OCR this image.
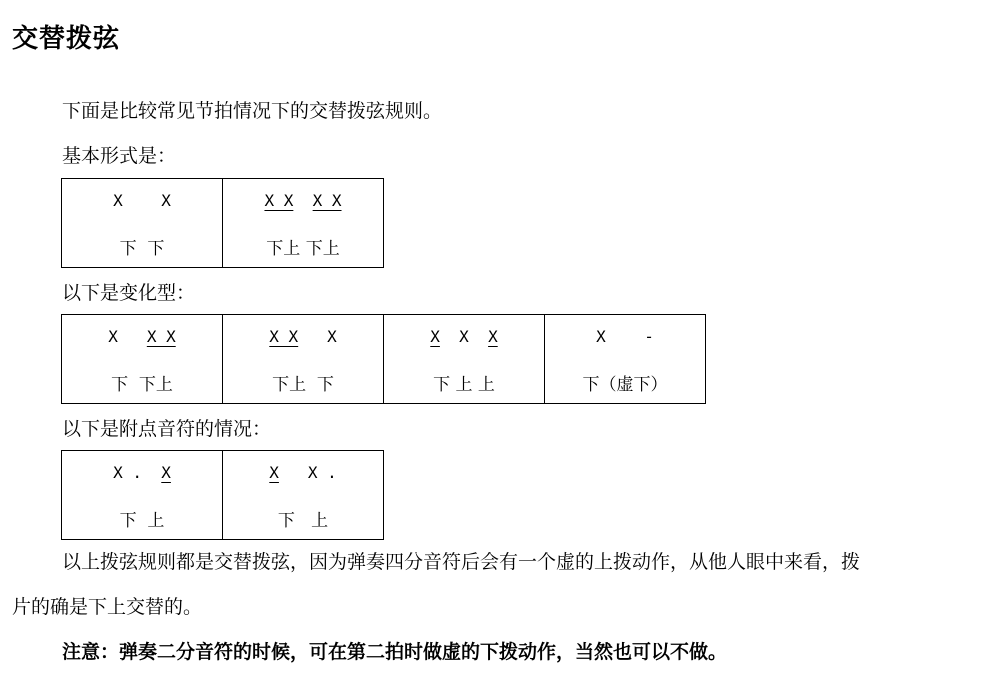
交替拨弦
下面是比较常见节拍情况下的交替拨弦规则。
基本形式是：
X    X
下  下

X X X X
下上 下上
以下是变化型：
X   X X
下  下上

X X   X
下上  下

X  X  X
下 上 上

X    -
下（虚下）
以下是附点音符的情况：
X .  X
下  上

X   X .
下   上
以上拨弦规则都是交替拨弦，因为弹奏四分音符后会有一个虚的上拨动作，从他人眼中来看，拨
片的确是下上交替的。
注意：弹奏二分音符的时候，可在第二拍时做虚的下拨动作，当然也可以不做。
